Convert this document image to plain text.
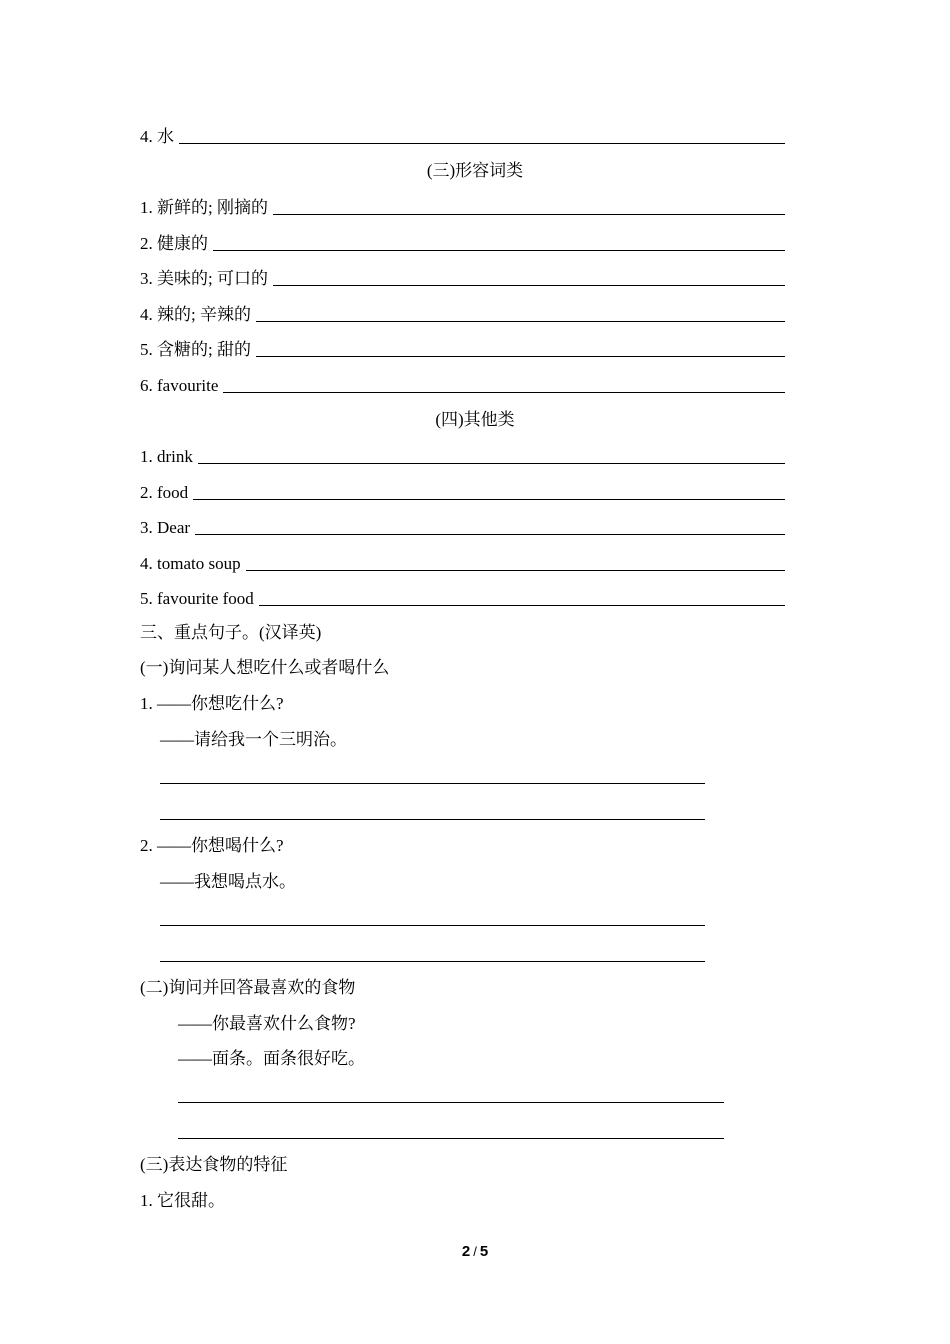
4. 水
(三)形容词类
1. 新鲜的; 刚摘的
2. 健康的
3. 美味的; 可口的
4. 辣的; 辛辣的
5. 含糖的; 甜的
6. favourite
(四)其他类
1. drink
2. food
3. Dear
4. tomato soup
5. favourite food
三、重点句子。(汉译英)
(一)询问某人想吃什么或者喝什么
1. ——你想吃什么?
——请给我一个三明治。
2. ——你想喝什么?
——我想喝点水。
(二)询问并回答最喜欢的食物
——你最喜欢什么食物?
——面条。面条很好吃。
(三)表达食物的特征
1. 它很甜。
2 / 5
